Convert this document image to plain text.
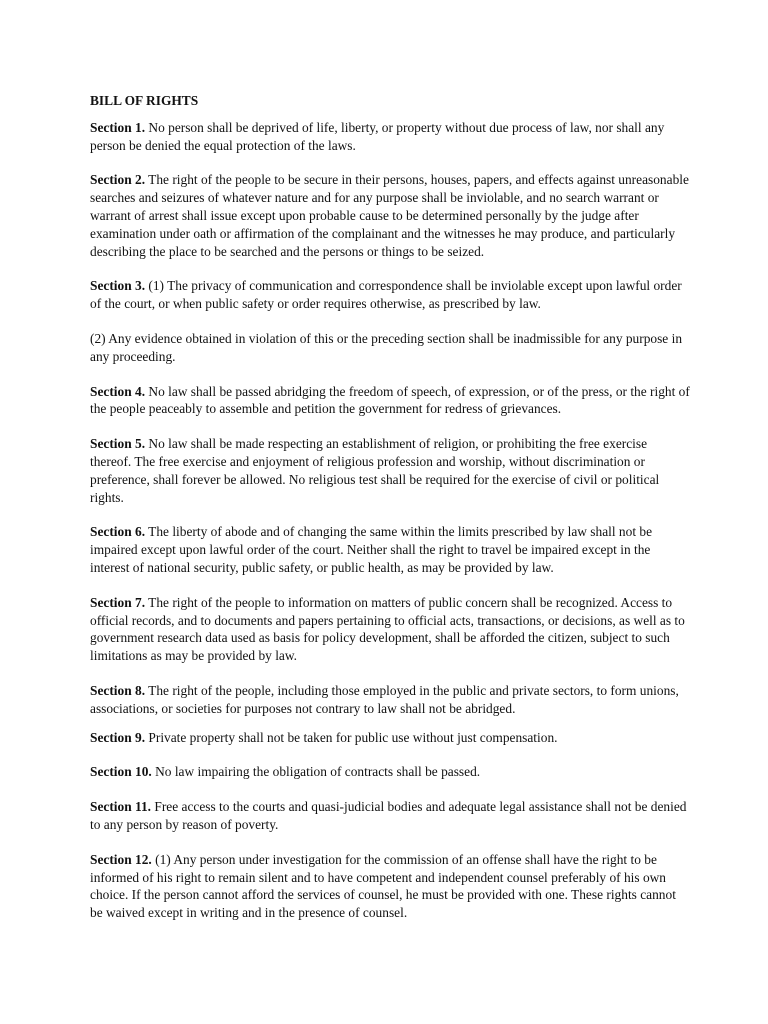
BILL OF RIGHTS

Section 1. No person shall be deprived of life, liberty, or property without due process of law, nor shall any person be denied the equal protection of the laws.

Section 2. The right of the people to be secure in their persons, houses, papers, and effects against unreasonable searches and seizures of whatever nature and for any purpose shall be inviolable, and no search warrant or warrant of arrest shall issue except upon probable cause to be determined personally by the judge after examination under oath or affirmation of the complainant and the witnesses he may produce, and particularly describing the place to be searched and the persons or things to be seized.

Section 3. (1) The privacy of communication and correspondence shall be inviolable except upon lawful order of the court, or when public safety or order requires otherwise, as prescribed by law.

(2) Any evidence obtained in violation of this or the preceding section shall be inadmissible for any purpose in any proceeding.

Section 4. No law shall be passed abridging the freedom of speech, of expression, or of the press, or the right of the people peaceably to assemble and petition the government for redress of grievances.

Section 5. No law shall be made respecting an establishment of religion, or prohibiting the free exercise thereof. The free exercise and enjoyment of religious profession and worship, without discrimination or preference, shall forever be allowed. No religious test shall be required for the exercise of civil or political rights.

Section 6. The liberty of abode and of changing the same within the limits prescribed by law shall not be impaired except upon lawful order of the court. Neither shall the right to travel be impaired except in the interest of national security, public safety, or public health, as may be provided by law.

Section 7. The right of the people to information on matters of public concern shall be recognized. Access to official records, and to documents and papers pertaining to official acts, transactions, or decisions, as well as to government research data used as basis for policy development, shall be afforded the citizen, subject to such limitations as may be provided by law.

Section 8. The right of the people, including those employed in the public and private sectors, to form unions, associations, or societies for purposes not contrary to law shall not be abridged.

Section 9. Private property shall not be taken for public use without just compensation.

Section 10. No law impairing the obligation of contracts shall be passed.

Section 11. Free access to the courts and quasi-judicial bodies and adequate legal assistance shall not be denied to any person by reason of poverty.

Section 12. (1) Any person under investigation for the commission of an offense shall have the right to be informed of his right to remain silent and to have competent and independent counsel preferably of his own choice. If the person cannot afford the services of counsel, he must be provided with one. These rights cannot be waived except in writing and in the presence of counsel.
